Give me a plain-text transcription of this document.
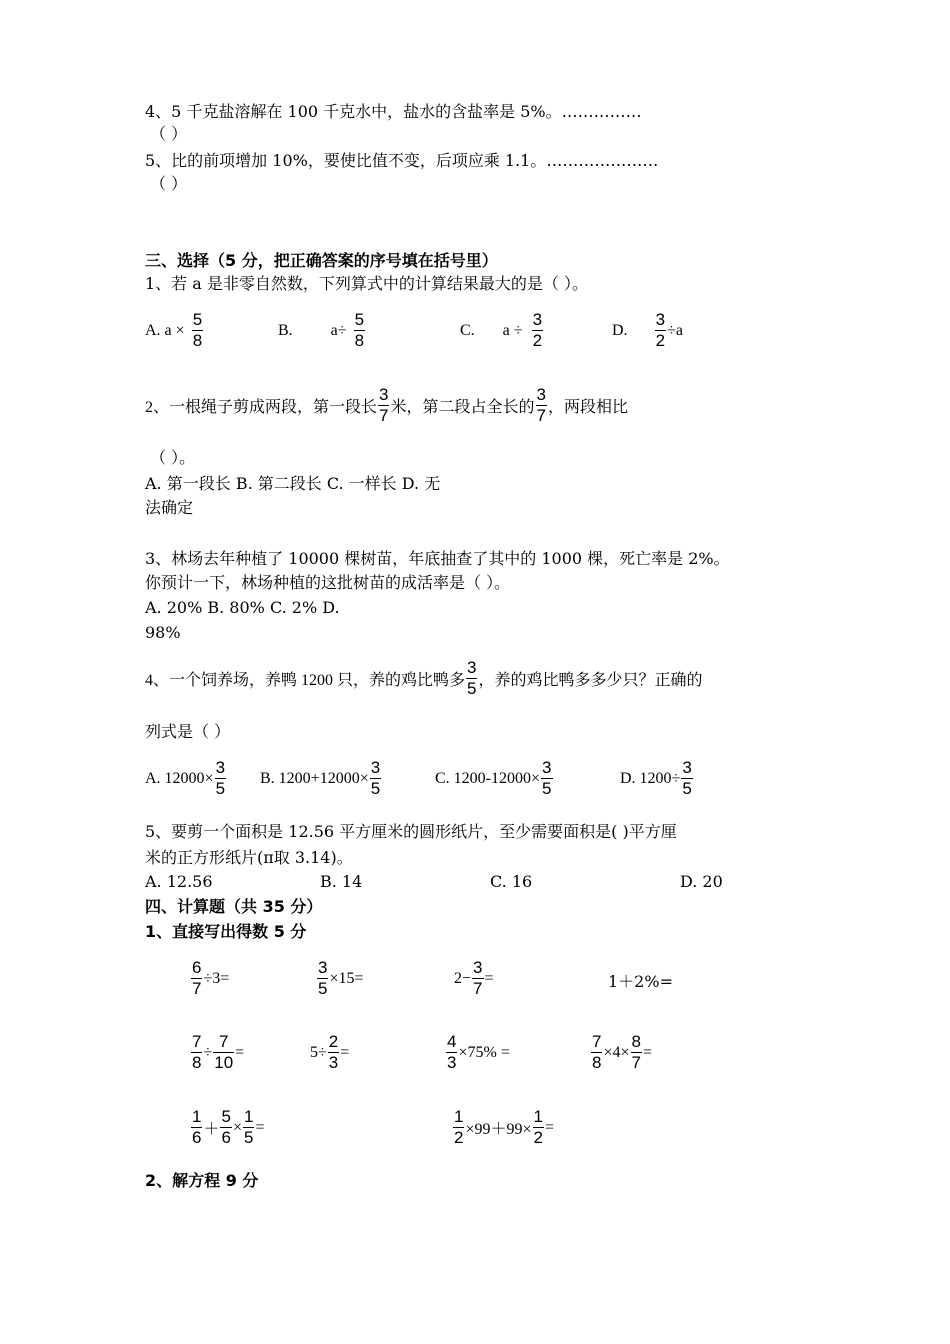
4、5 千克盐溶解在 100 千克水中，盐水的含盐率是 5%。……………
（ ）
5、比的前项增加 10%，要使比值不变，后项应乘 1.1。…………………
（ ）
三、选择（5 分，把正确答案的序号填在括号里）
1、若 a 是非零自然数，下列算式中的计算结果最大的是（ ）。
A. $a \times \frac{5}{8}$	B. $a\div \frac{5}{8}$	C. $a \div \frac{3}{2}$	D. $\frac{3}{2} \div a$
2、一根绳子剪成两段，第一段长 $\frac{3}{7}$ 米，第二段占全长的 $\frac{3}{7}$ ，两段相比
（ ）。
A. 第一段长 B. 第二段长 C. 一样长 D. 无
法确定
3、林场去年种植了 10000 棵树苗，年底抽查了其中的 1000 棵，死亡率是 2%。
你预计一下，林场种植的这批树苗的成活率是（ ）。
A. 20% B. 80% C. 2% D.
98%
4、一个饲养场，养鸭 1200 只，养的鸡比鸭多 $\frac{3}{5}$ ，养的鸡比鸭多多少只？正确的
列式是（ ）
A. $12000\times \frac{3}{5} B$. $1200+12000\times \frac{3}{5}$	C. $1200-12000\times \frac{3}{5}$	D. $1200\div \frac{3}{5}$
5、要剪一个面积是 12.56 平方厘米的圆形纸片，至少需要面积是( )平方厘
米的正方形纸片(π取 3.14)。
A. 12.56	B. 14	C. 16	D. 20
四、计算题（共 35 分）
1、直接写出得数 5 分
$\frac{6}{7} \div 3=$	$\frac{3}{5} \times 15=$	$2- \frac{3}{7}$ =	1＋2%=
$\frac{7}{8} \div \frac{7}{10}$ =	$5\div \frac{2}{3}$ =	$\frac{4}{3} \times 75\%$ =	$\frac{7}{8} \times 4\times \frac{8}{7}$ =
$\frac{1}{6} + \frac{5}{6} \times \frac{1}{5}$ =	$\frac{1}{2} \times 99+99\times \frac{1}{2}$ =
2、解方程 9 分
